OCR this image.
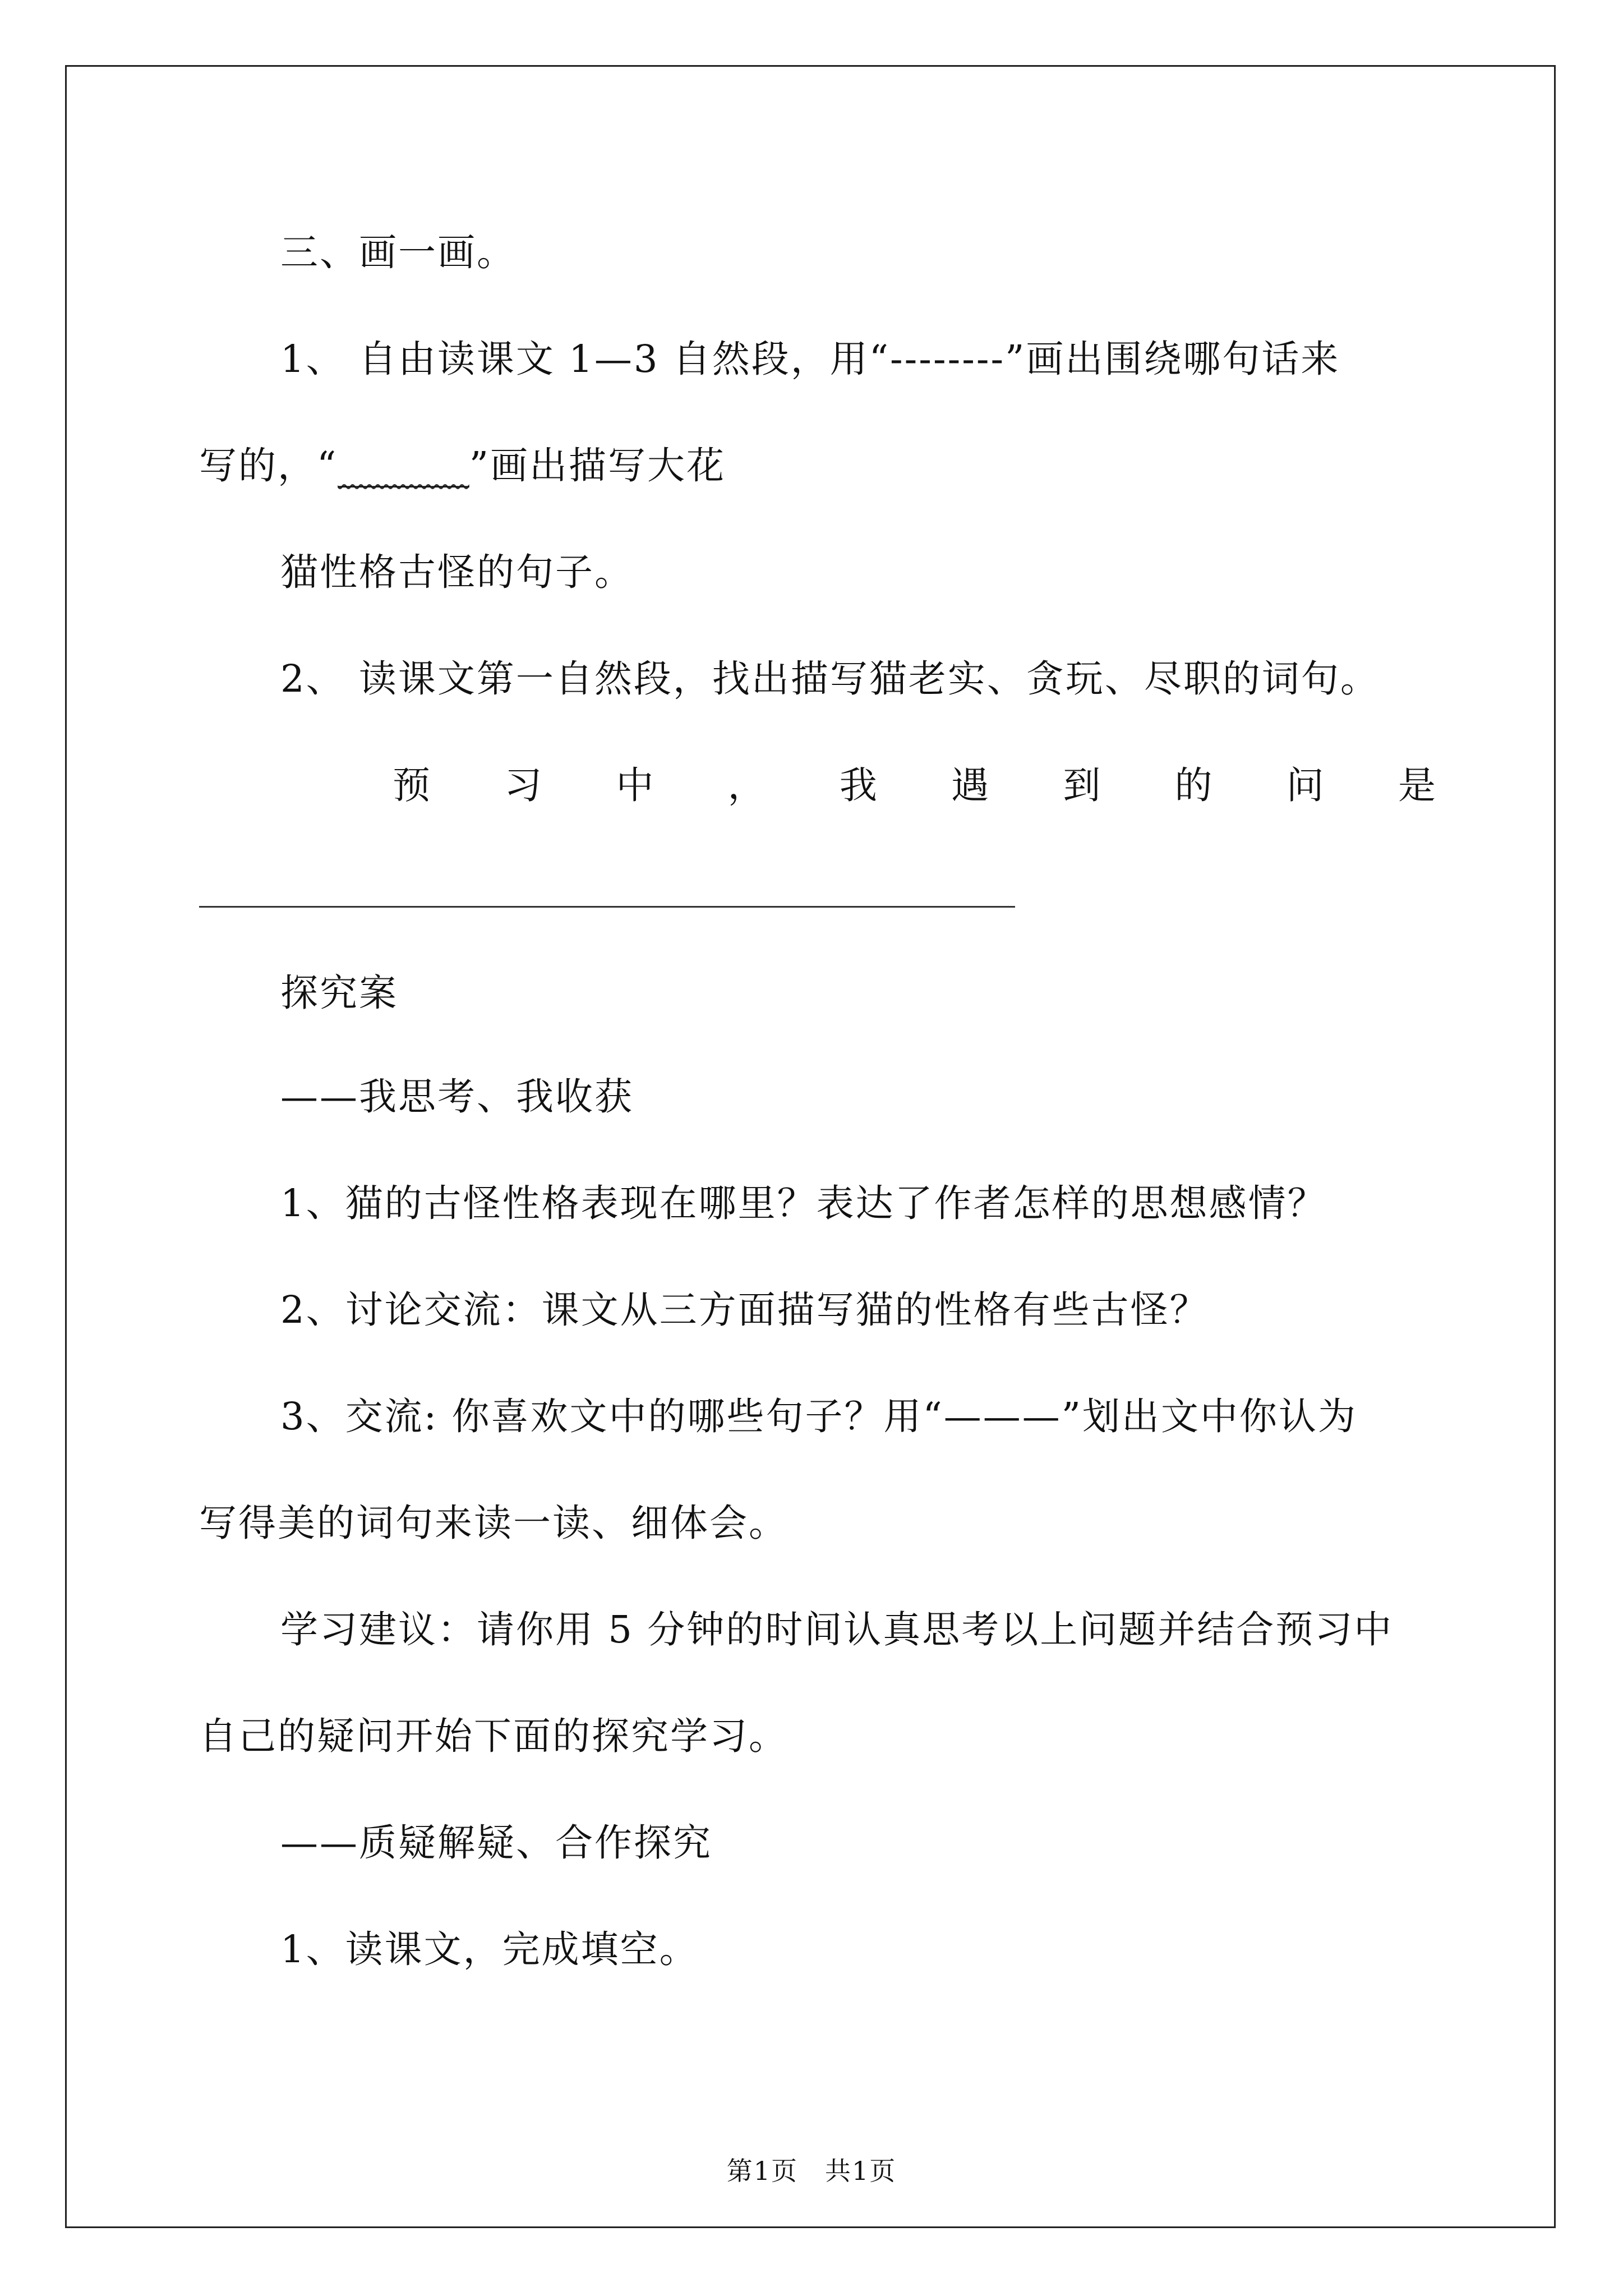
三、画一画。
1、 自由读课文 1—3 自然段，用“--------”画出围绕哪句话来
写的，“_______”画出描写大花
猫性格古怪的句子。
2、 读课文第一自然段，找出描写猫老实、贪玩、尽职的词句。
预 习 中 ， 我 遇 到 的 问 是
探究案
——我思考、我收获
1、猫的古怪性格表现在哪里？表达了作者怎样的思想感情？
2、讨论交流：课文从三方面描写猫的性格有些古怪？
3、交流: 你喜欢文中的哪些句子？用“———”划出文中你认为
写得美的词句来读一读、细体会。
学习建议：请你用 5 分钟的时间认真思考以上问题并结合预习中
自己的疑问开始下面的探究学习。
——质疑解疑、合作探究
1、读课文，完成填空。
第1页　共1页
